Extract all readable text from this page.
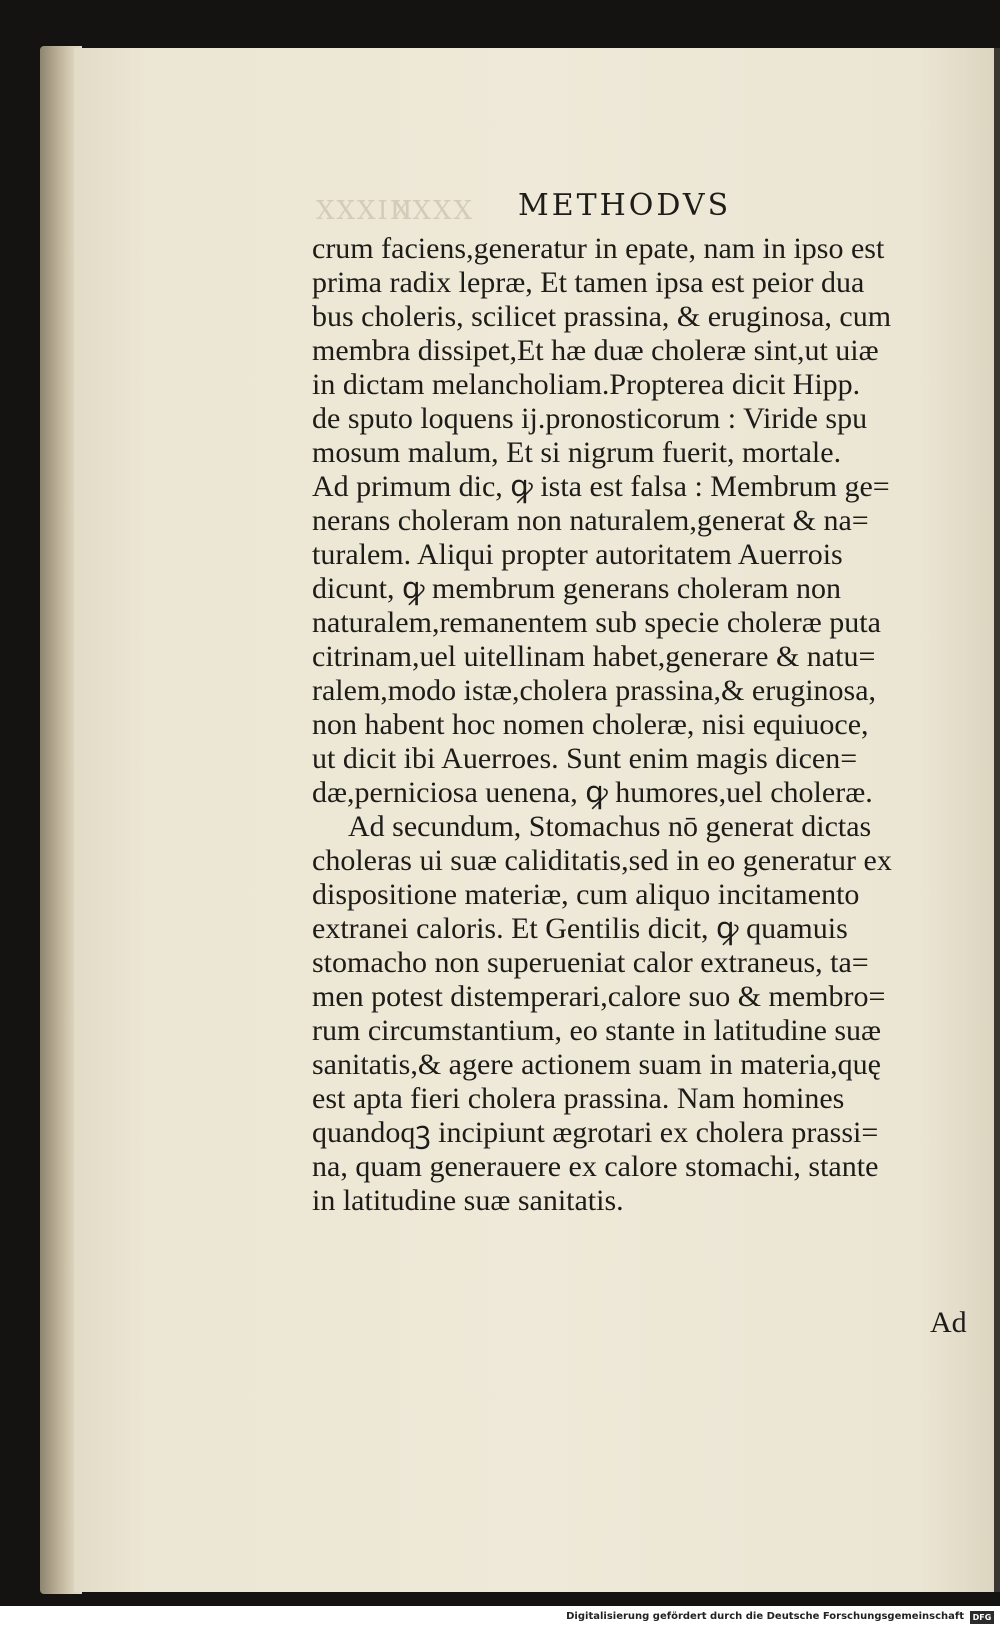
XXXIII
XXXX METHODVS
crum faciens,generatur in epate, nam in ipso est
prima radix lepræ, Et tamen ipsa est peior dua
bus choleris, scilicet prassina, & eruginosa, cum
membra dissipet,Et hæ duæ choleræ sint,ut uiæ
in dictam melancholiam.Propterea dicit Hipp.
de sputo loquens ij.pronosticorum : Viride spu
mosum malum, Et si nigrum fuerit, mortale.
Ad primum dic, ꝙ ista est falsa : Membrum ge=
nerans choleram non naturalem,generat & na=
turalem. Aliqui propter autoritatem Auerrois
dicunt, ꝙ membrum generans choleram non
naturalem,remanentem sub specie choleræ puta
citrinam,uel uitellinam habet,generare & natu=
ralem,modo istæ,cholera prassina,& eruginosa,
non habent hoc nomen choleræ, nisi equiuoce,
ut dicit ibi Auerroes. Sunt enim magis dicen=
dæ,perniciosa uenena, ꝙ humores,uel choleræ.
Ad secundum, Stomachus nō generat dictas
choleras ui suæ caliditatis,sed in eo generatur ex
dispositione materiæ, cum aliquo incitamento
extranei caloris. Et Gentilis dicit, ꝙ quamuis
stomacho non superueniat calor extraneus, ta=
men potest distemperari,calore suo & membro=
rum circumstantium, eo stante in latitudine suæ
sanitatis,& agere actionem suam in materia,quę
est apta fieri cholera prassina. Nam homines
quandoqꝫ incipiunt ægrotari ex cholera prassi=
na, quam generauere ex calore stomachi, stante
in latitudine suæ sanitatis.
Ad
Digitalisierung gefördert durch die Deutsche Forschungsgemeinschaft	DFG
